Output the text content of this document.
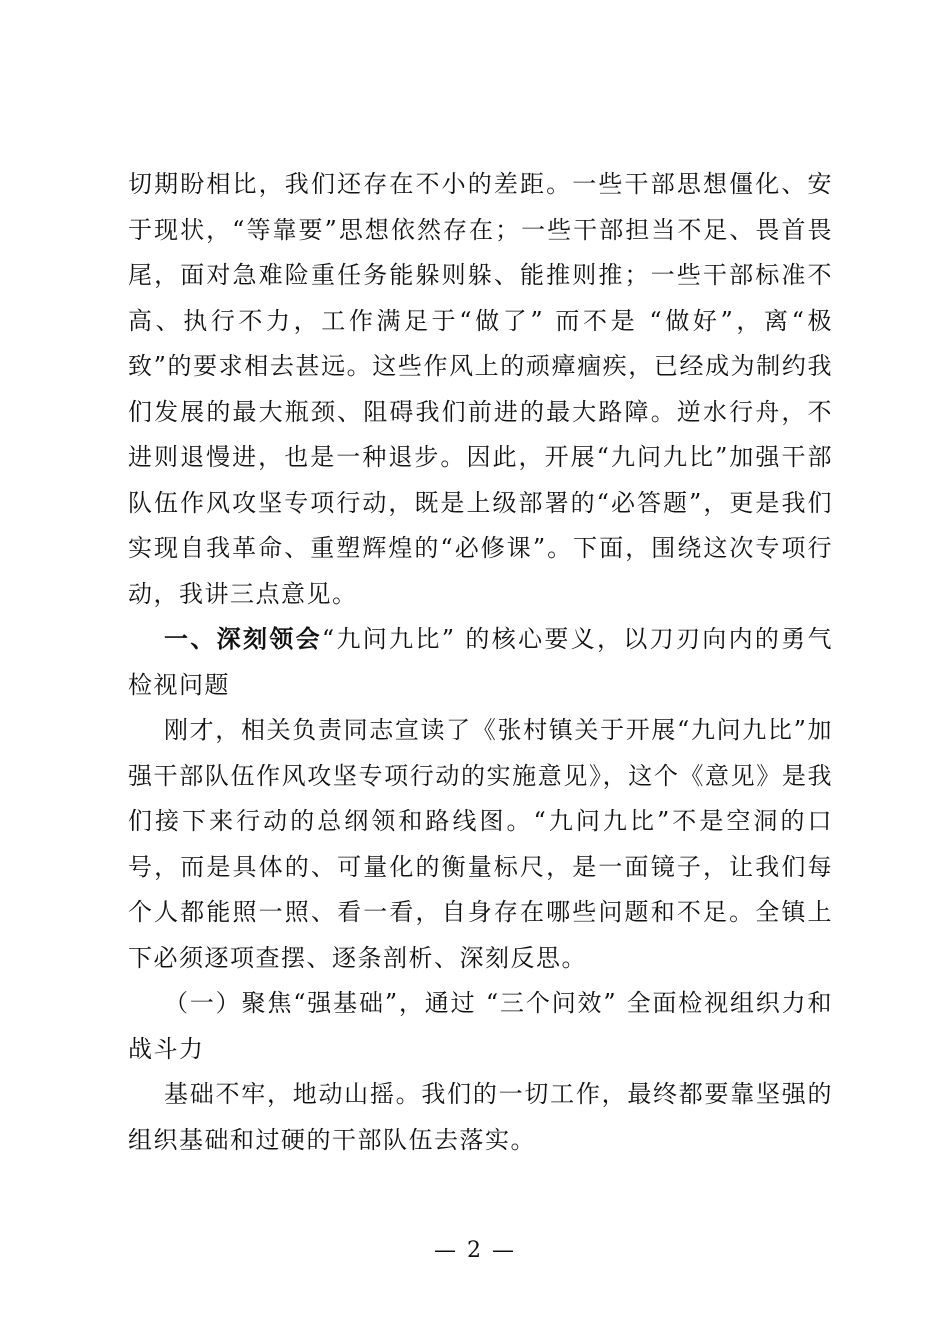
切期盼相比，我们还存在不小的差距。一些干部思想僵化、安于现状，“等靠要”思想依然存在；一些干部担当不足、畏首畏尾，面对急难险重任务能躲则躲、能推则推；一些干部标准不高、执行不力，工作满足于“做了” 而不是 “做好”，离“极致”的要求相去甚远。这些作风上的顽瘴痼疾，已经成为制约我们发展的最大瓶颈、阻碍我们前进的最大路障。逆水行舟，不进则退慢进，也是一种退步。因此，开展“九问九比”加强干部队伍作风攻坚专项行动，既是上级部署的“必答题”，更是我们实现自我革命、重塑辉煌的“必修课”。下面，围绕这次专项行动，我讲三点意见。

一、深刻领会“九问九比” 的核心要义，以刀刃向内的勇气检视问题

刚才，相关负责同志宣读了《张村镇关于开展“九问九比”加强干部队伍作风攻坚专项行动的实施意见》，这个《意见》是我们接下来行动的总纲领和路线图。“九问九比”不是空洞的口号，而是具体的、可量化的衡量标尺，是一面镜子，让我们每个人都能照一照、看一看，自身存在哪些问题和不足。全镇上下必须逐项查摆、逐条剖析、深刻反思。

（一）聚焦“强基础”，通过 “三个问效” 全面检视组织力和战斗力

基础不牢，地动山摇。我们的一切工作，最终都要靠坚强的组织基础和过硬的干部队伍去落实。

— 2 —
